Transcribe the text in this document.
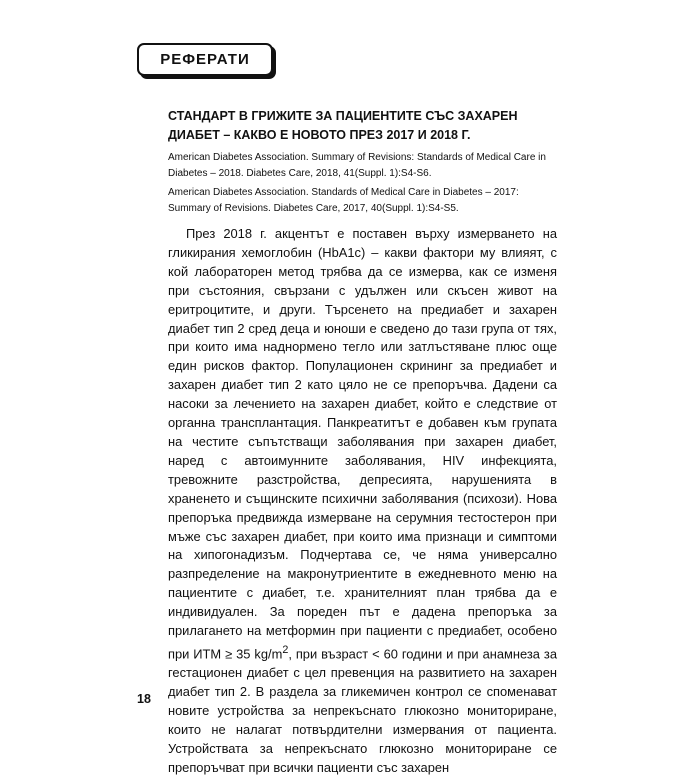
РЕФЕРАТИ
СТАНДАРТ В ГРИЖИТЕ ЗА ПАЦИЕНТИТЕ СЪС ЗАХАРЕН ДИАБЕТ – КАКВО Е НОВОТО ПРЕЗ 2017 И 2018 Г.

American Diabetes Association. Summary of Revisions: Standards of Medical Care in Diabetes – 2018. Diabetes Care, 2018, 41(Suppl. 1):S4-S6.

American Diabetes Association. Standards of Medical Care in Diabetes – 2017: Summary of Revisions. Diabetes Care, 2017, 40(Suppl. 1):S4-S5.

През 2018 г. акцентът е поставен върху измерването на гликирания хемоглобин (HbA1c) – какви фактори му влияят, с кой лабораторен метод трябва да се измерва, как се изменя при състояния, свързани с удължен или скъсен живот на еритроцитите, и други. Търсенето на предиабет и захарен диабет тип 2 сред деца и юноши е сведено до тази група от тях, при които има наднормено тегло или затлъстяване плюс още един рисков фактор. Популационен скрининг за предиабет и захарен диабет тип 2 като цяло не се препоръчва. Дадени са насоки за лечението на захарен диабет, който е следствие от органна трансплантация. Панкреатитът е добавен към групата на честите съпътстващи заболявания при захарен диабет, наред с автоимунните заболявания, HIV инфекцията, тревожните разстройства, депресията, нарушенията в храненето и същинските психични заболявания (психози). Нова препоръка предвижда измерване на серумния тестостерон при мъже със захарен диабет, при които има признаци и симптоми на хипогонадизъм. Подчертава се, че няма универсално разпределение на макронутриентите в ежедневното меню на пациентите с диабет, т.е. хранителният план трябва да е индивидуален. За пореден път е дадена препоръка за прилагането на метформин при пациенти с предиабет, особено при ИТМ ≥ 35 $kg/m^2$, при възраст < 60 години и при анамнеза за гестационен диабет с цел превенция на развитието на захарен диабет тип 2. В раздела за гликемичен контрол се споменават новите устройства за непрекъснато глюкозно мониториране, които не налагат потвърдителни измервания от пациента. Устройствата за непрекъснато глюкозно мониториране се препоръчват при всички пациенти със захарен

18
